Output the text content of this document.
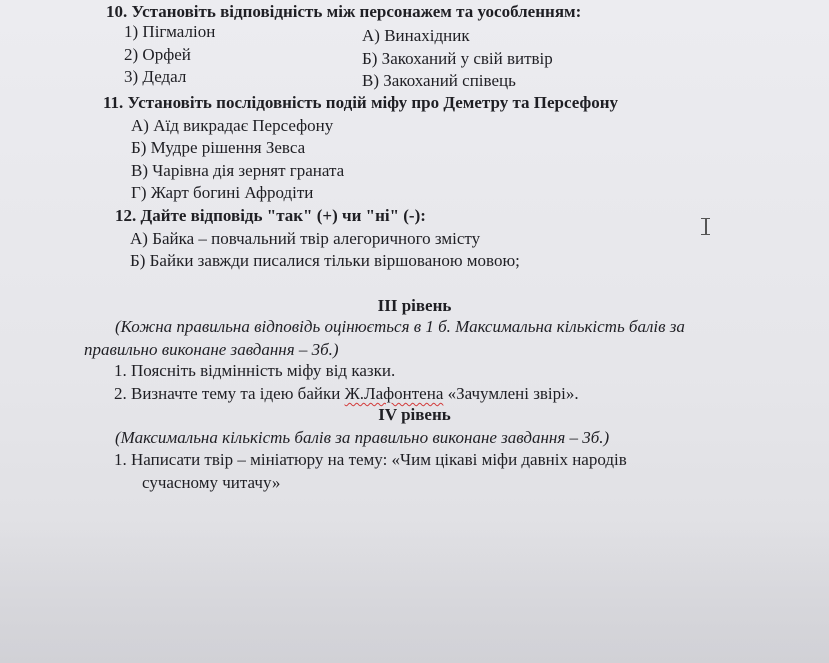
10. Установіть відповідність між персонажем та уособленням:
1) Пігмаліон	А) Винахідник
2) Орфей	Б) Закоханий у свій витвір
3) Дедал	В) Закоханий співець
11. Установіть послідовність подій міфу про Деметру та Персефону
А) Аїд викрадає Персефону
Б) Мудре рішення Зевса
В) Чарівна дія зернят граната
Г) Жарт богині Афродіти
12. Дайте відповідь "так" (+) чи "ні" (-):
А) Байка – повчальний твір алегоричного змісту
Б) Байки завжди писалися тільки віршованою мовою;
ІІІ рівень
(Кожна правильна відповідь оцінюється в 1 б. Максимальна кількість балів за
правильно виконане завдання – 3б.)
1. Поясніть відмінність міфу від казки.
2. Визначте тему та ідею байки Ж.Лафонтена «Зачумлені звірі».
ІV рівень
(Максимальна кількість балів за правильно виконане завдання – 3б.)
1. Написати твір – мініатюру на тему: «Чим цікаві міфи давніх народів
сучасному читачу»
